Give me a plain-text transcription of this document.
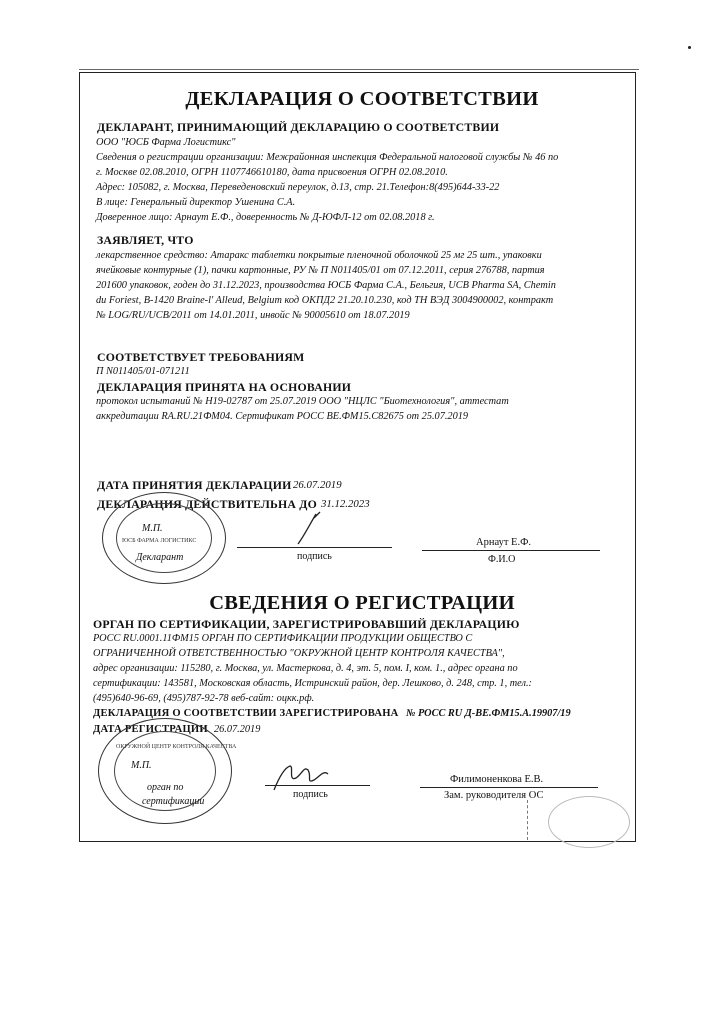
ДЕКЛАРАЦИЯ О СООТВЕТСТВИИ
ДЕКЛАРАНТ, ПРИНИМАЮЩИЙ ДЕКЛАРАЦИЮ О СООТВЕТСТВИИ
ООО "ЮСБ Фарма Логистикс"
Сведения о регистрации организации: Межрайонная инспекция Федеральной налоговой службы № 46 по
г. Москве 02.08.2010, ОГРН 1107746610180, дата присвоения ОГРН 02.08.2010.
Адрес: 105082, г. Москва, Переведеновский переулок, д.13, стр. 21.Телефон:8(495)644-33-22
В лице: Генеральный директор Ушенина С.А.
Доверенное лицо: Арнаут Е.Ф., доверенность № Д-ЮФЛ-12 от 02.08.2018 г.
ЗАЯВЛЯЕТ, ЧТО
лекарственное средство: Атаракс таблетки покрытые пленочной оболочкой 25 мг 25 шт., упаковки
ячейковые контурные (1), пачки картонные, РУ № П N011405/01 от 07.12.2011, серия 276788, партия
201600 упаковок, годен до 31.12.2023, производства ЮСБ Фарма С.А., Бельгия, UCB Pharma SA, Chemin
du Foriest, B-1420 Braine-l' Alleud, Belgium код ОКПД2 21.20.10.230, код ТН ВЭД 3004900002, контракт
№ LOG/RU/UCB/2011 от 14.01.2011, инвойс № 90005610 от 18.07.2019
СООТВЕТСТВУЕТ ТРЕБОВАНИЯМ
П N011405/01-071211
ДЕКЛАРАЦИЯ ПРИНЯТА НА ОСНОВАНИИ
протокол испытаний № Н19-02787 от 25.07.2019 ООО "НЦЛС "Биотехнология", аттестат
аккредитации RA.RU.21ФМ04. Сертификат РОСС ВЕ.ФМ15.С82675 от 25.07.2019
ДАТА ПРИНЯТИЯ ДЕКЛАРАЦИИ 26.07.2019
ДЕКЛАРАЦИЯ ДЕЙСТВИТЕЛЬНА ДО 31.12.2023
М.П.
ЮСБ ФАРМА ЛОГИСТИКС
Декларант	подпись
Арнаут Е.Ф.
Ф.И.О
СВЕДЕНИЯ О РЕГИСТРАЦИИ
ОРГАН ПО СЕРТИФИКАЦИИ, ЗАРЕГИСТРИРОВАВШИЙ ДЕКЛАРАЦИЮ
РОСС RU.0001.11ФМ15 ОРГАН ПО СЕРТИФИКАЦИИ ПРОДУКЦИИ ОБЩЕСТВО С
ОГРАНИЧЕННОЙ ОТВЕТСТВЕННОСТЬЮ "ОКРУЖНОЙ ЦЕНТР КОНТРОЛЯ КАЧЕСТВА",
адрес организации: 115280, г. Москва, ул. Мастеркова, д. 4, эт. 5, пом. I, ком. 1., адрес органа по
сертификации: 143581, Московская область, Истринский район, дер. Лешково, д. 248, стр. 1, тел.:
(495)640-96-69, (495)787-92-78 веб-сайт: оцкк.рф.
ДЕКЛАРАЦИЯ О СООТВЕТСТВИИ ЗАРЕГИСТРИРОВАНА № РОСС RU Д-ВЕ.ФМ15.А.19907/19
ДАТА РЕГИСТРАЦИИ 26.07.2019
ОКРУЖНОЙ ЦЕНТР КОНТРОЛЯ КАЧЕСТВА
М.П.
орган по
сертификации
подпись
Филимоненкова Е.В.
Зам. руководителя ОС
